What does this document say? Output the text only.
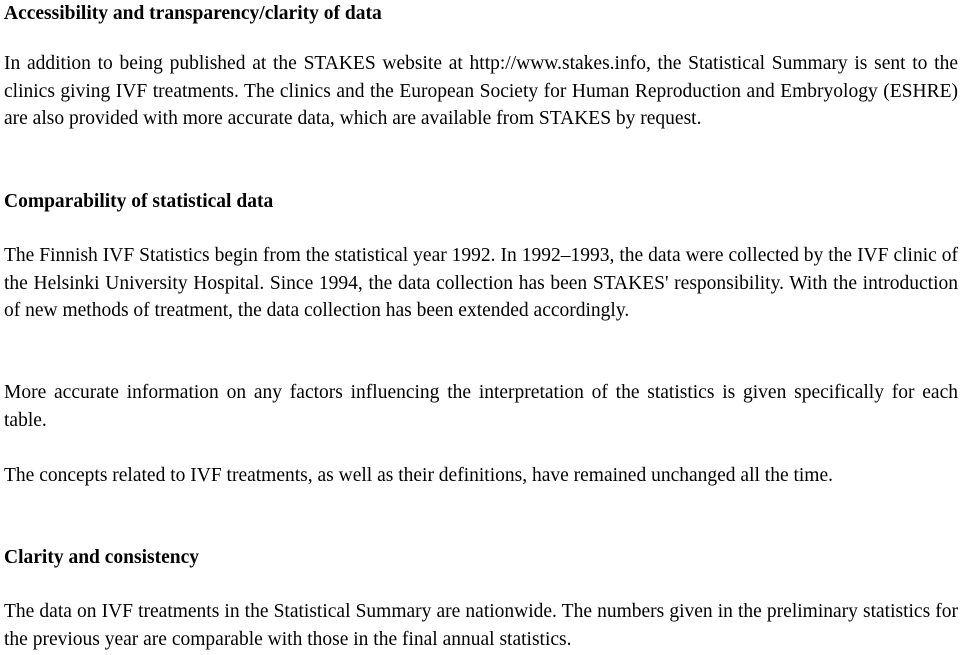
Accessibility and transparency/clarity of data

In addition to being published at the STAKES website at http://www.stakes.info, the Statistical Summary is sent to the clinics giving IVF treatments. The clinics and the European Society for Human Reproduction and Embryology (ESHRE) are also provided with more accurate data, which are available from STAKES by request.

Comparability of statistical data

The Finnish IVF Statistics begin from the statistical year 1992. In 1992–1993, the data were collected by the IVF clinic of the Helsinki University Hospital. Since 1994, the data collection has been STAKES' responsibility. With the introduction of new methods of treatment, the data collection has been extended accordingly.

More accurate information on any factors influencing the interpretation of the statistics is given specifically for each table.

The concepts related to IVF treatments, as well as their definitions, have remained unchanged all the time.

Clarity and consistency

The data on IVF treatments in the Statistical Summary are nationwide. The numbers given in the preliminary statistics for the previous year are comparable with those in the final annual statistics.
